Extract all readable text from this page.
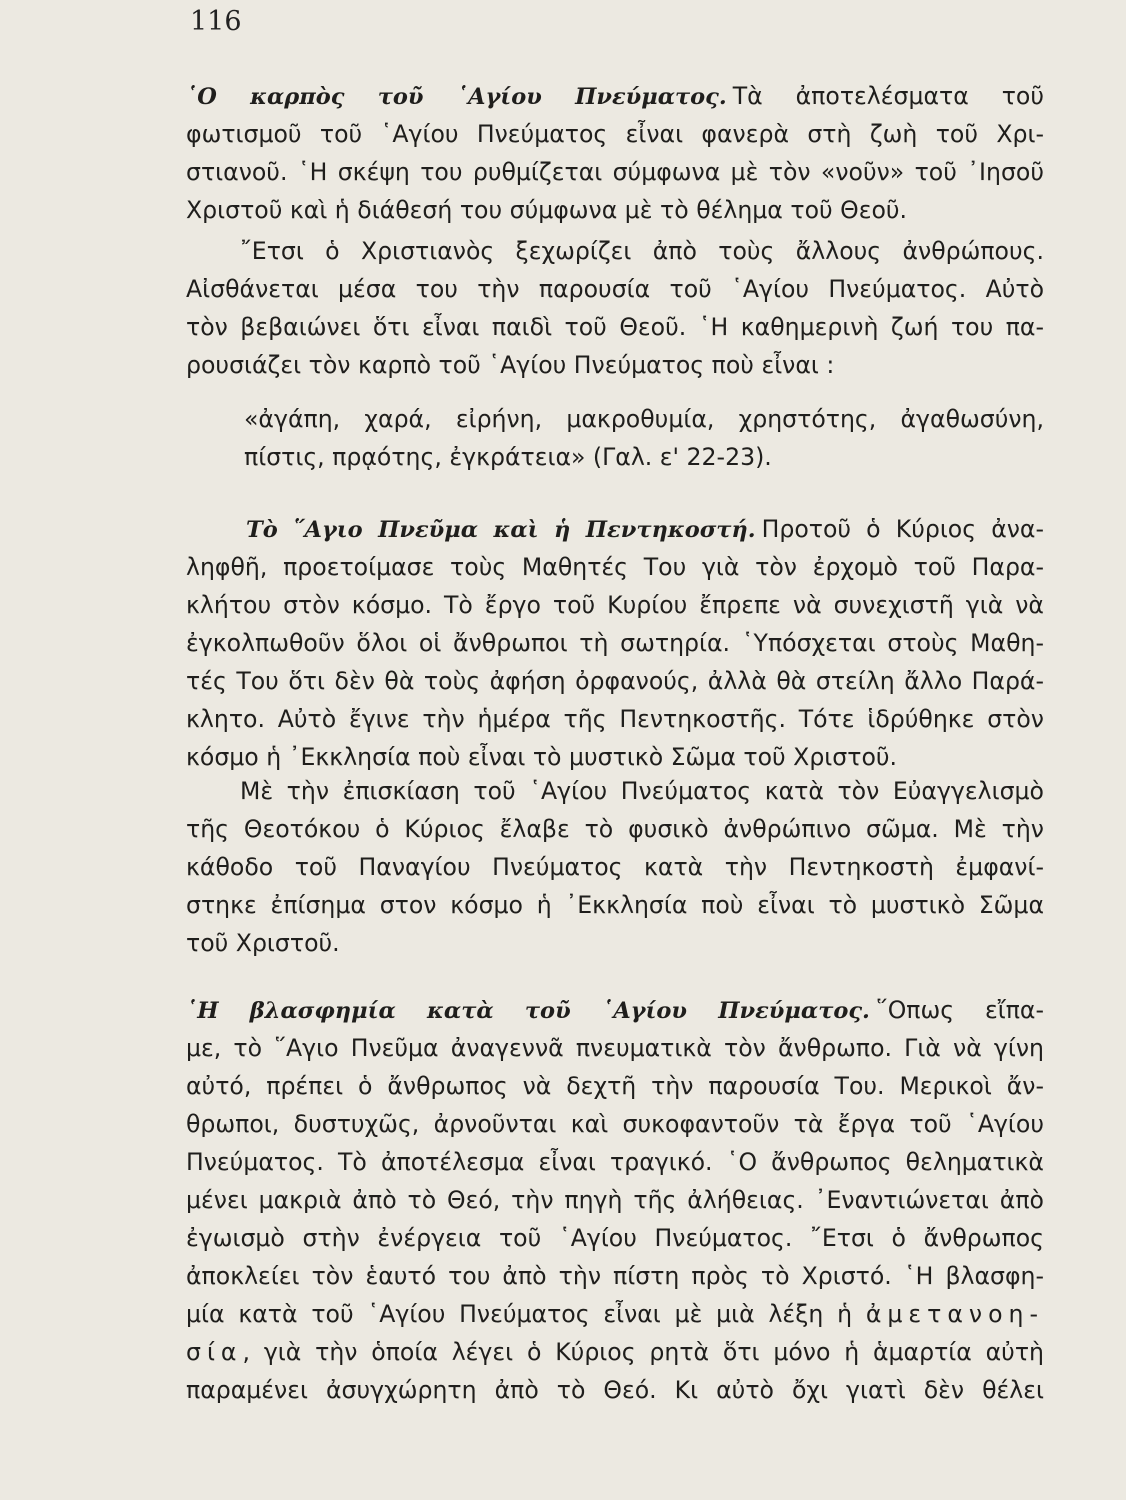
116
῾Ο καρπὸς τοῦ ῾Αγίου Πνεύματος. Τὰ ἀποτελέσματα τοῦ
φωτισμοῦ τοῦ ῾Αγίου Πνεύματος εἶναι φανερὰ στὴ ζωὴ τοῦ Χρι-
στιανοῦ. ῾Η σκέψη του ρυθμίζεται σύμφωνα μὲ τὸν «νοῦν» τοῦ ᾿Ιησοῦ
Χριστοῦ καὶ ἡ διάθεσή του σύμφωνα μὲ τὸ θέλημα τοῦ Θεοῦ.
῎Ετσι ὁ Χριστιανὸς ξεχωρίζει ἀπὸ τοὺς ἄλλους ἀνθρώπους.
Αἰσθάνεται μέσα του τὴν παρουσία τοῦ ῾Αγίου Πνεύματος. Αὐτὸ
τὸν βεβαιώνει ὅτι εἶναι παιδὶ τοῦ Θεοῦ. ῾Η καθημερινὴ ζωή του πα-
ρουσιάζει τὸν καρπὸ τοῦ ῾Αγίου Πνεύματος ποὺ εἶναι :
«ἀγάπη, χαρά, εἰρήνη, μακροθυμία, χρηστότης, ἀγαθωσύνη,
πίστις, πρᾳότης, ἐγκράτεια» (Γαλ. ε' 22-23).
Τὸ ῞Αγιο Πνεῦμα καὶ ἡ Πεντηκοστή. Προτοῦ ὁ Κύριος ἀνα-
ληφθῆ, προετοίμασε τοὺς Μαθητές Του γιὰ τὸν ἐρχομὸ τοῦ Παρα-
κλήτου στὸν κόσμο. Τὸ ἔργο τοῦ Κυρίου ἔπρεπε νὰ συνεχιστῆ γιὰ νὰ
ἐγκολπωθοῦν ὅλοι οἱ ἄνθρωποι τὴ σωτηρία. ῾Υπόσχεται στοὺς Μαθη-
τές Του ὅτι δὲν θὰ τοὺς ἀφήση ὀρφανούς, ἀλλὰ θὰ στείλη ἄλλο Παρά-
κλητο. Αὐτὸ ἔγινε τὴν ἡμέρα τῆς Πεντηκοστῆς. Τότε ἱδρύθηκε στὸν
κόσμο ἡ ᾿Εκκλησία ποὺ εἶναι τὸ μυστικὸ Σῶμα τοῦ Χριστοῦ.
Μὲ τὴν ἐπισκίαση τοῦ ῾Αγίου Πνεύματος κατὰ τὸν Εὐαγγελισμὸ
τῆς Θεοτόκου ὁ Κύριος ἔλαβε τὸ φυσικὸ ἀνθρώπινο σῶμα. Μὲ τὴν
κάθοδο τοῦ Παναγίου Πνεύματος κατὰ τὴν Πεντηκοστὴ ἐμφανί-
στηκε ἐπίσημα στον κόσμο ἡ ᾿Εκκλησία ποὺ εἶναι τὸ μυστικὸ Σῶμα
τοῦ Χριστοῦ.
῾Η βλασφημία κατὰ τοῦ ῾Αγίου Πνεύματος. ῞Οπως εἴπα-
με, τὸ ῞Αγιο Πνεῦμα ἀναγεννᾶ πνευματικὰ τὸν ἄνθρωπο. Γιὰ νὰ γίνη
αὐτό, πρέπει ὁ ἄνθρωπος νὰ δεχτῆ τὴν παρουσία Του. Μερικοὶ ἄν-
θρωποι, δυστυχῶς, ἀρνοῦνται καὶ συκοφαντοῦν τὰ ἔργα τοῦ ῾Αγίου
Πνεύματος. Τὸ ἀποτέλεσμα εἶναι τραγικό. ῾Ο ἄνθρωπος θεληματικὰ
μένει μακριὰ ἀπὸ τὸ Θεό, τὴν πηγὴ τῆς ἀλήθειας. ᾿Εναντιώνεται ἀπὸ
ἐγωισμὸ στὴν ἐνέργεια τοῦ ῾Αγίου Πνεύματος. ῎Ετσι ὁ ἄνθρωπος
ἀποκλείει τὸν ἑαυτό του ἀπὸ τὴν πίστη πρὸς τὸ Χριστό. ῾Η βλασφη-
μία κατὰ τοῦ ῾Αγίου Πνεύματος εἶναι μὲ μιὰ λέξη ἡ ἀμετανοη-
σία, γιὰ τὴν ὁποία λέγει ὁ Κύριος ρητὰ ὅτι μόνο ἡ ἁμαρτία αὐτὴ
παραμένει ἀσυγχώρητη ἀπὸ τὸ Θεό. Κι αὐτὸ ὄχι γιατὶ δὲν θέλει
